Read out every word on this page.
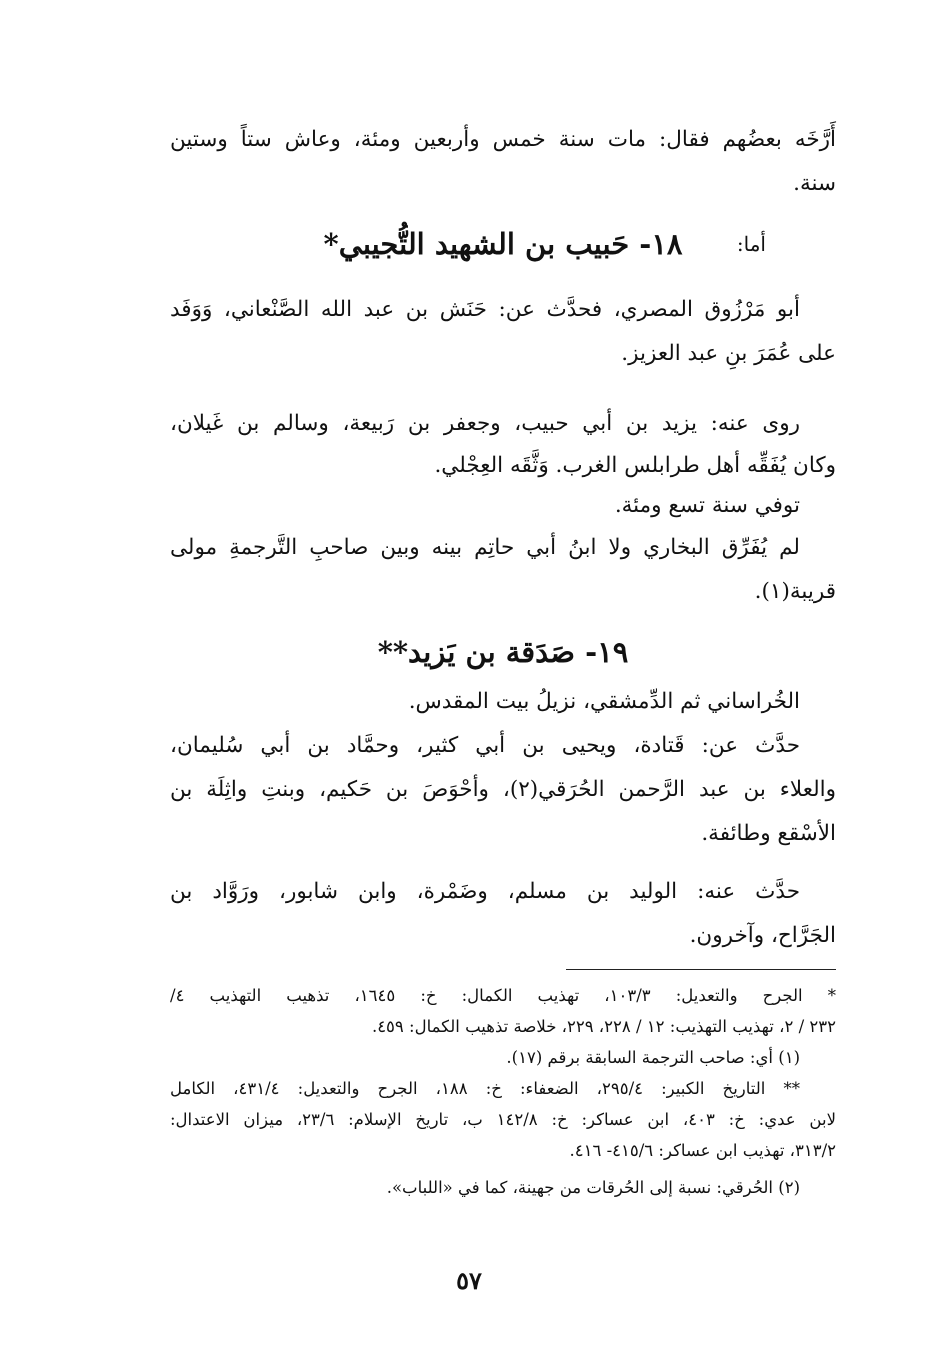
أَرَّخَه بعضُهم فقال: مات سنة خمس وأربعين ومئة، وعاش ستاً وستين
سنة.
أما:
١٨- حَبيب بن الشهيد التُّجيبي*
أبو مَرْزُوق المصري، فحدَّث عن: حَنَش بن عبد الله الصَّنْعاني، وَوَفَد
على عُمَرَ بنِ عبد العزيز.
روى عنه: يزيد بن أبي حبيب، وجعفر بن رَبيعة، وسالم بن غَيلان،
وكان يُفَقِّه أهل طرابلس الغرب. وَثَّقَه العِجْلي.
توفي سنة تسع ومئة.
لم يُفَرِّق البخاري ولا ابنُ أبي حاتِم بينه وبين صاحبِ التَّرجمةِ مولى
قريبة(١).
١٩- صَدَقة بن يَزيد**
الخُراساني ثم الدِّمشقي، نزيلُ بيت المقدس.
حدَّث عن: قَتادة، ويحيى بن أبي كثير، وحمَّاد بن أبي سُليمان،
والعلاء بن عبد الرَّحمن الحُرَقي(٢)، وأحْوَصَ بن حَكيم، وبنتِ واثِلَة بن
الأسْقع وطائفة.
حدَّث عنه: الوليد بن مسلم، وضَمْرة، وابن شابور، ورَوَّاد بن
الجَرَّاح، وآخرون.
* الجرح والتعديل: ١٠٣/٣، تهذيب الكمال: خ: ١٦٤٥، تذهيب التهذيب ٤/
٢٣٢ / ٢، تهذيب التهذيب: ١٢ / ٢٢٨، ٢٢٩، خلاصة تذهيب الكمال: ٤٥٩.
(١) أي: صاحب الترجمة السابقة برقم (١٧).
** التاريخ الكبير: ٢٩٥/٤، الضعفاء: خ: ١٨٨، الجرح والتعديل: ٤٣١/٤، الكامل
لابن عدي: خ: ٤٠٣، ابن عساكر: خ: ١٤٢/٨ ب، تاريخ الإسلام: ٢٣/٦، ميزان الاعتدال:
٣١٣/٢، تهذيب ابن عساكر: ٤١٥/٦- ٤١٦.
(٢) الحُرقي: نسبة إلى الحُرقات من جهينة، كما في «اللباب».
٥٧
